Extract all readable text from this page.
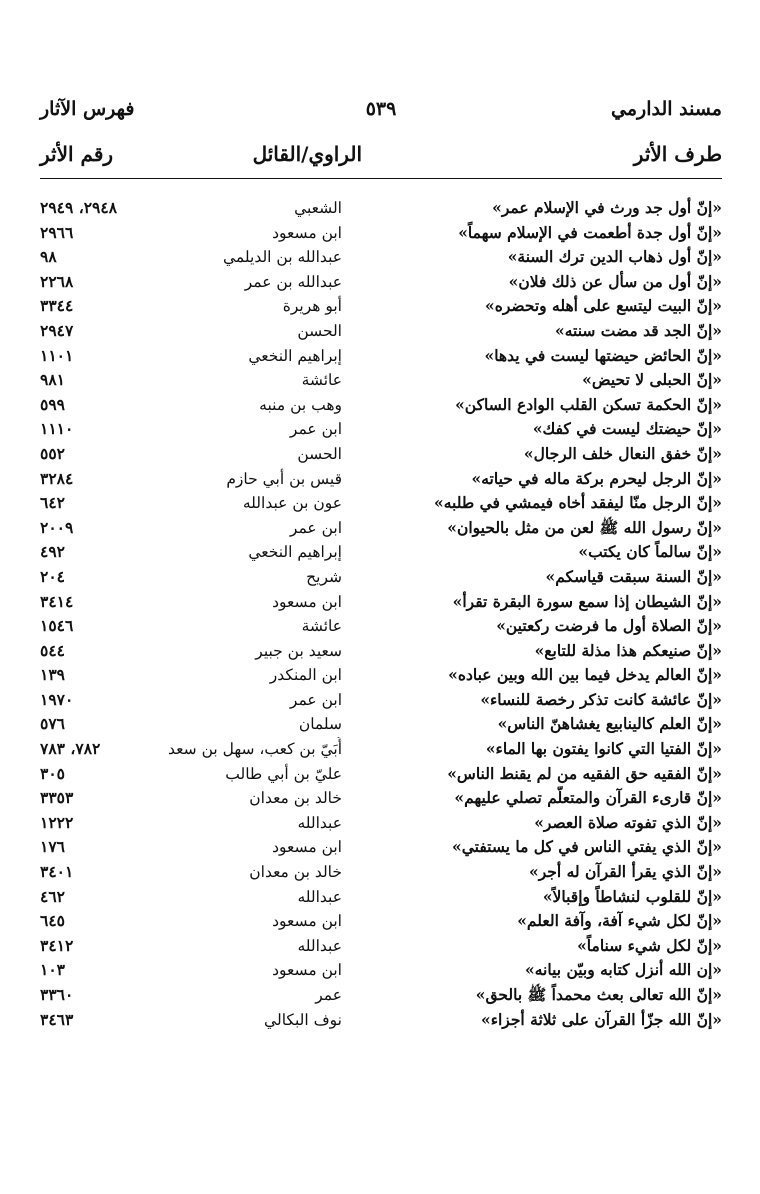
مسند الدارمي
٥٣٩
فهرس الآثار
طرف الأثر
الراوي/القائل
رقم الأثر
«إنّ أول جد ورث في الإسلام عمر»
الشعبي
٢٩٤٨، ٢٩٤٩
«إنّ أول جدة أطعمت في الإسلام سهماً»
ابن مسعود
٢٩٦٦
«إنّ أول ذهاب الدين ترك السنة»
عبدالله بن الديلمي
٩٨
«إنّ أول من سأل عن ذلك فلان»
عبدالله بن عمر
٢٢٦٨
«إنّ البيت ليتسع على أهله وتحضره»
أبو هريرة
٣٣٤٤
«إنّ الجد قد مضت سنته»
الحسن
٢٩٤٧
«إنّ الحائض حيضتها ليست في يدها»
إبراهيم النخعي
١١٠١
«إنّ الحبلى لا تحيض»
عائشة
٩٨١
«إنّ الحكمة تسكن القلب الوادع الساكن»
وهب بن منبه
٥٩٩
«إنّ حيضتك ليست في كفك»
ابن عمر
١١١٠
«إنّ خفق النعال خلف الرجال»
الحسن
٥٥٢
«إنّ الرجل ليحرم بركة ماله في حياته»
قيس بن أبي حازم
٣٢٨٤
«إنّ الرجل منّا ليفقد أخاه فيمشي في طلبه»
عون بن عبدالله
٦٤٢
«إنّ رسول الله ﷺ لعن من مثل بالحيوان»
ابن عمر
٢٠٠٩
«إنّ سالماً كان يكتب»
إبراهيم النخعي
٤٩٢
«إنّ السنة سبقت قياسكم»
شريح
٢٠٤
«إنّ الشيطان إذا سمع سورة البقرة تقرأ»
ابن مسعود
٣٤١٤
«إنّ الصلاة أول ما فرضت ركعتين»
عائشة
١٥٤٦
«إنّ صنيعكم هذا مذلة للتابع»
سعيد بن جبير
٥٤٤
«إنّ العالم يدخل فيما بين الله وبين عباده»
ابن المنكدر
١٣٩
«إنّ عائشة كانت تذكر رخصة للنساء»
ابن عمر
١٩٧٠
«إنّ العلم كالينابيع يغشاهنّ الناس»
سلمان
٥٧٦
«إنّ الفتيا التي كانوا يفتون بها الماء»
أُبَيّ بن كعب، سهل بن سعد
٧٨٢، ٧٨٣
«إنّ الفقيه حق الفقيه من لم يقنط الناس»
عليّ بن أبي طالب
٣٠٥
«إنّ قارىء القرآن والمتعلّم تصلي عليهم»
خالد بن معدان
٣٣٥٣
«إنّ الذي تفوته صلاة العصر»
عبدالله
١٢٢٢
«إنّ الذي يفتي الناس في كل ما يستفتي»
ابن مسعود
١٧٦
«إنّ الذي يقرأ القرآن له أجر»
خالد بن معدان
٣٤٠١
«إنّ للقلوب لنشاطاً وإقبالاً»
عبدالله
٤٦٢
«إنّ لكل شيء آفة، وآفة العلم»
ابن مسعود
٦٤٥
«إنّ لكل شيء سناماً»
عبدالله
٣٤١٢
«إن الله أنزل كتابه وبيّن بيانه»
ابن مسعود
١٠٣
«إنّ الله تعالى بعث محمداً ﷺ بالحق»
عمر
٣٣٦٠
«إنّ الله جزّأ القرآن على ثلاثة أجزاء»
نوف البكالي
٣٤٦٣
